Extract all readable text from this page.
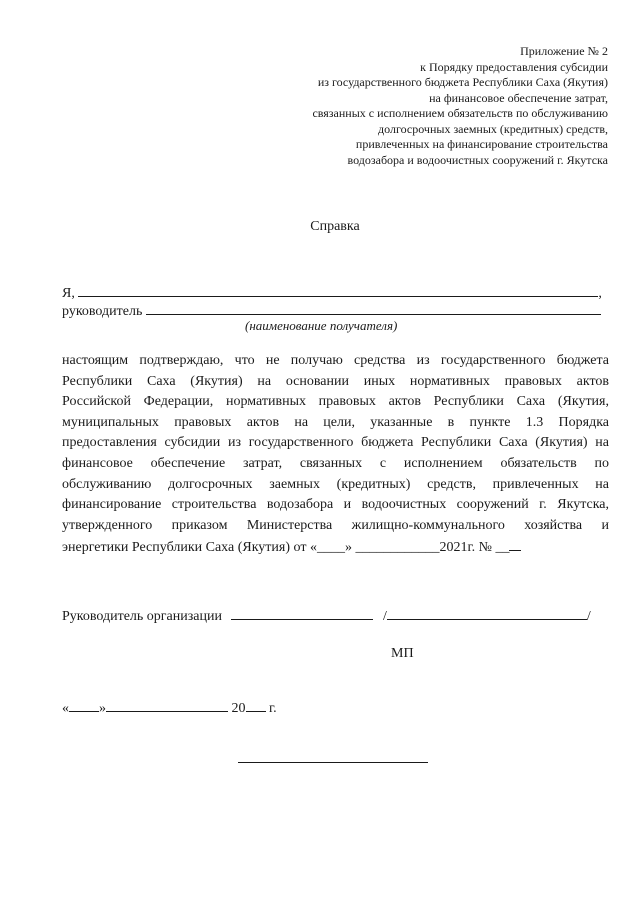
Приложение № 2
к Порядку предоставления субсидии
из государственного бюджета Республики Саха (Якутия)
на финансовое обеспечение затрат,
связанных с исполнением обязательств по обслуживанию
долгосрочных заемных (кредитных) средств,
привлеченных на финансирование строительства
водозабора и водоочистных сооружений г. Якутска
Справка
Я,	,
руководитель
(наименование получателя)
настоящим подтверждаю, что не получаю средства из государственного бюджета
Республики Саха (Якутия) на основании иных нормативных правовых актов
Российской Федерации, нормативных правовых актов Республики Саха (Якутия,
муниципальных правовых актов на цели, указанные в пункте 1.3 Порядка
предоставления субсидии из государственного бюджета Республики Саха (Якутия) на
финансовое обеспечение затрат, связанных с исполнением обязательств по
обслуживанию долгосрочных заемных (кредитных) средств, привлеченных на
финансирование строительства водозабора и водоочистных сооружений г. Якутска,
утвержденного приказом Министерства жилищно-коммунального хозяйства и
энергетики Республики Саха (Якутия) от «____» ____________2021г. № __
Руководитель организации	/	/
МП
« »	20 г.
